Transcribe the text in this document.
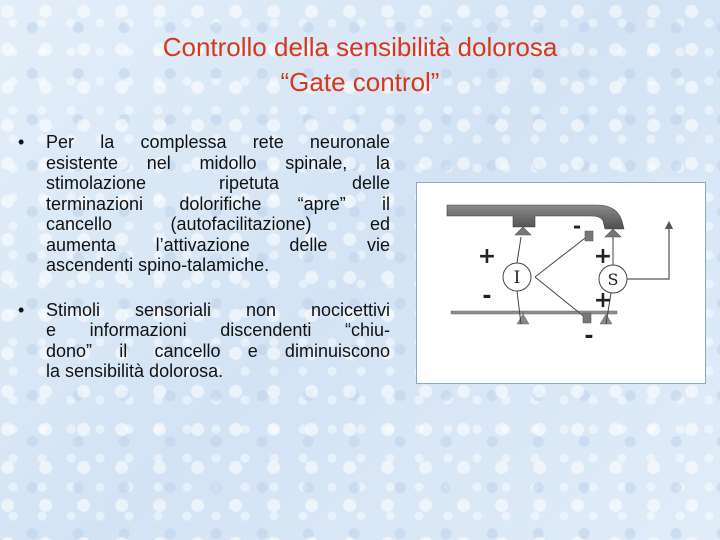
Controllo della sensibilità dolorosa
“Gate control”
• Per la complessa rete neuronale
esistente nel midollo spinale, la
stimolazione ripetuta delle
terminazioni dolorifiche “apre” il
cancello (autofacilitazione) ed
aumenta l’attivazione delle vie
ascendenti spino-talamiche.
• Stimoli sensoriali non nocicettivi
e informazioni discendenti “chiu-
dono” il cancello e diminuiscono
la sensibilità dolorosa.
I	S
-
+
-
+
+
-
